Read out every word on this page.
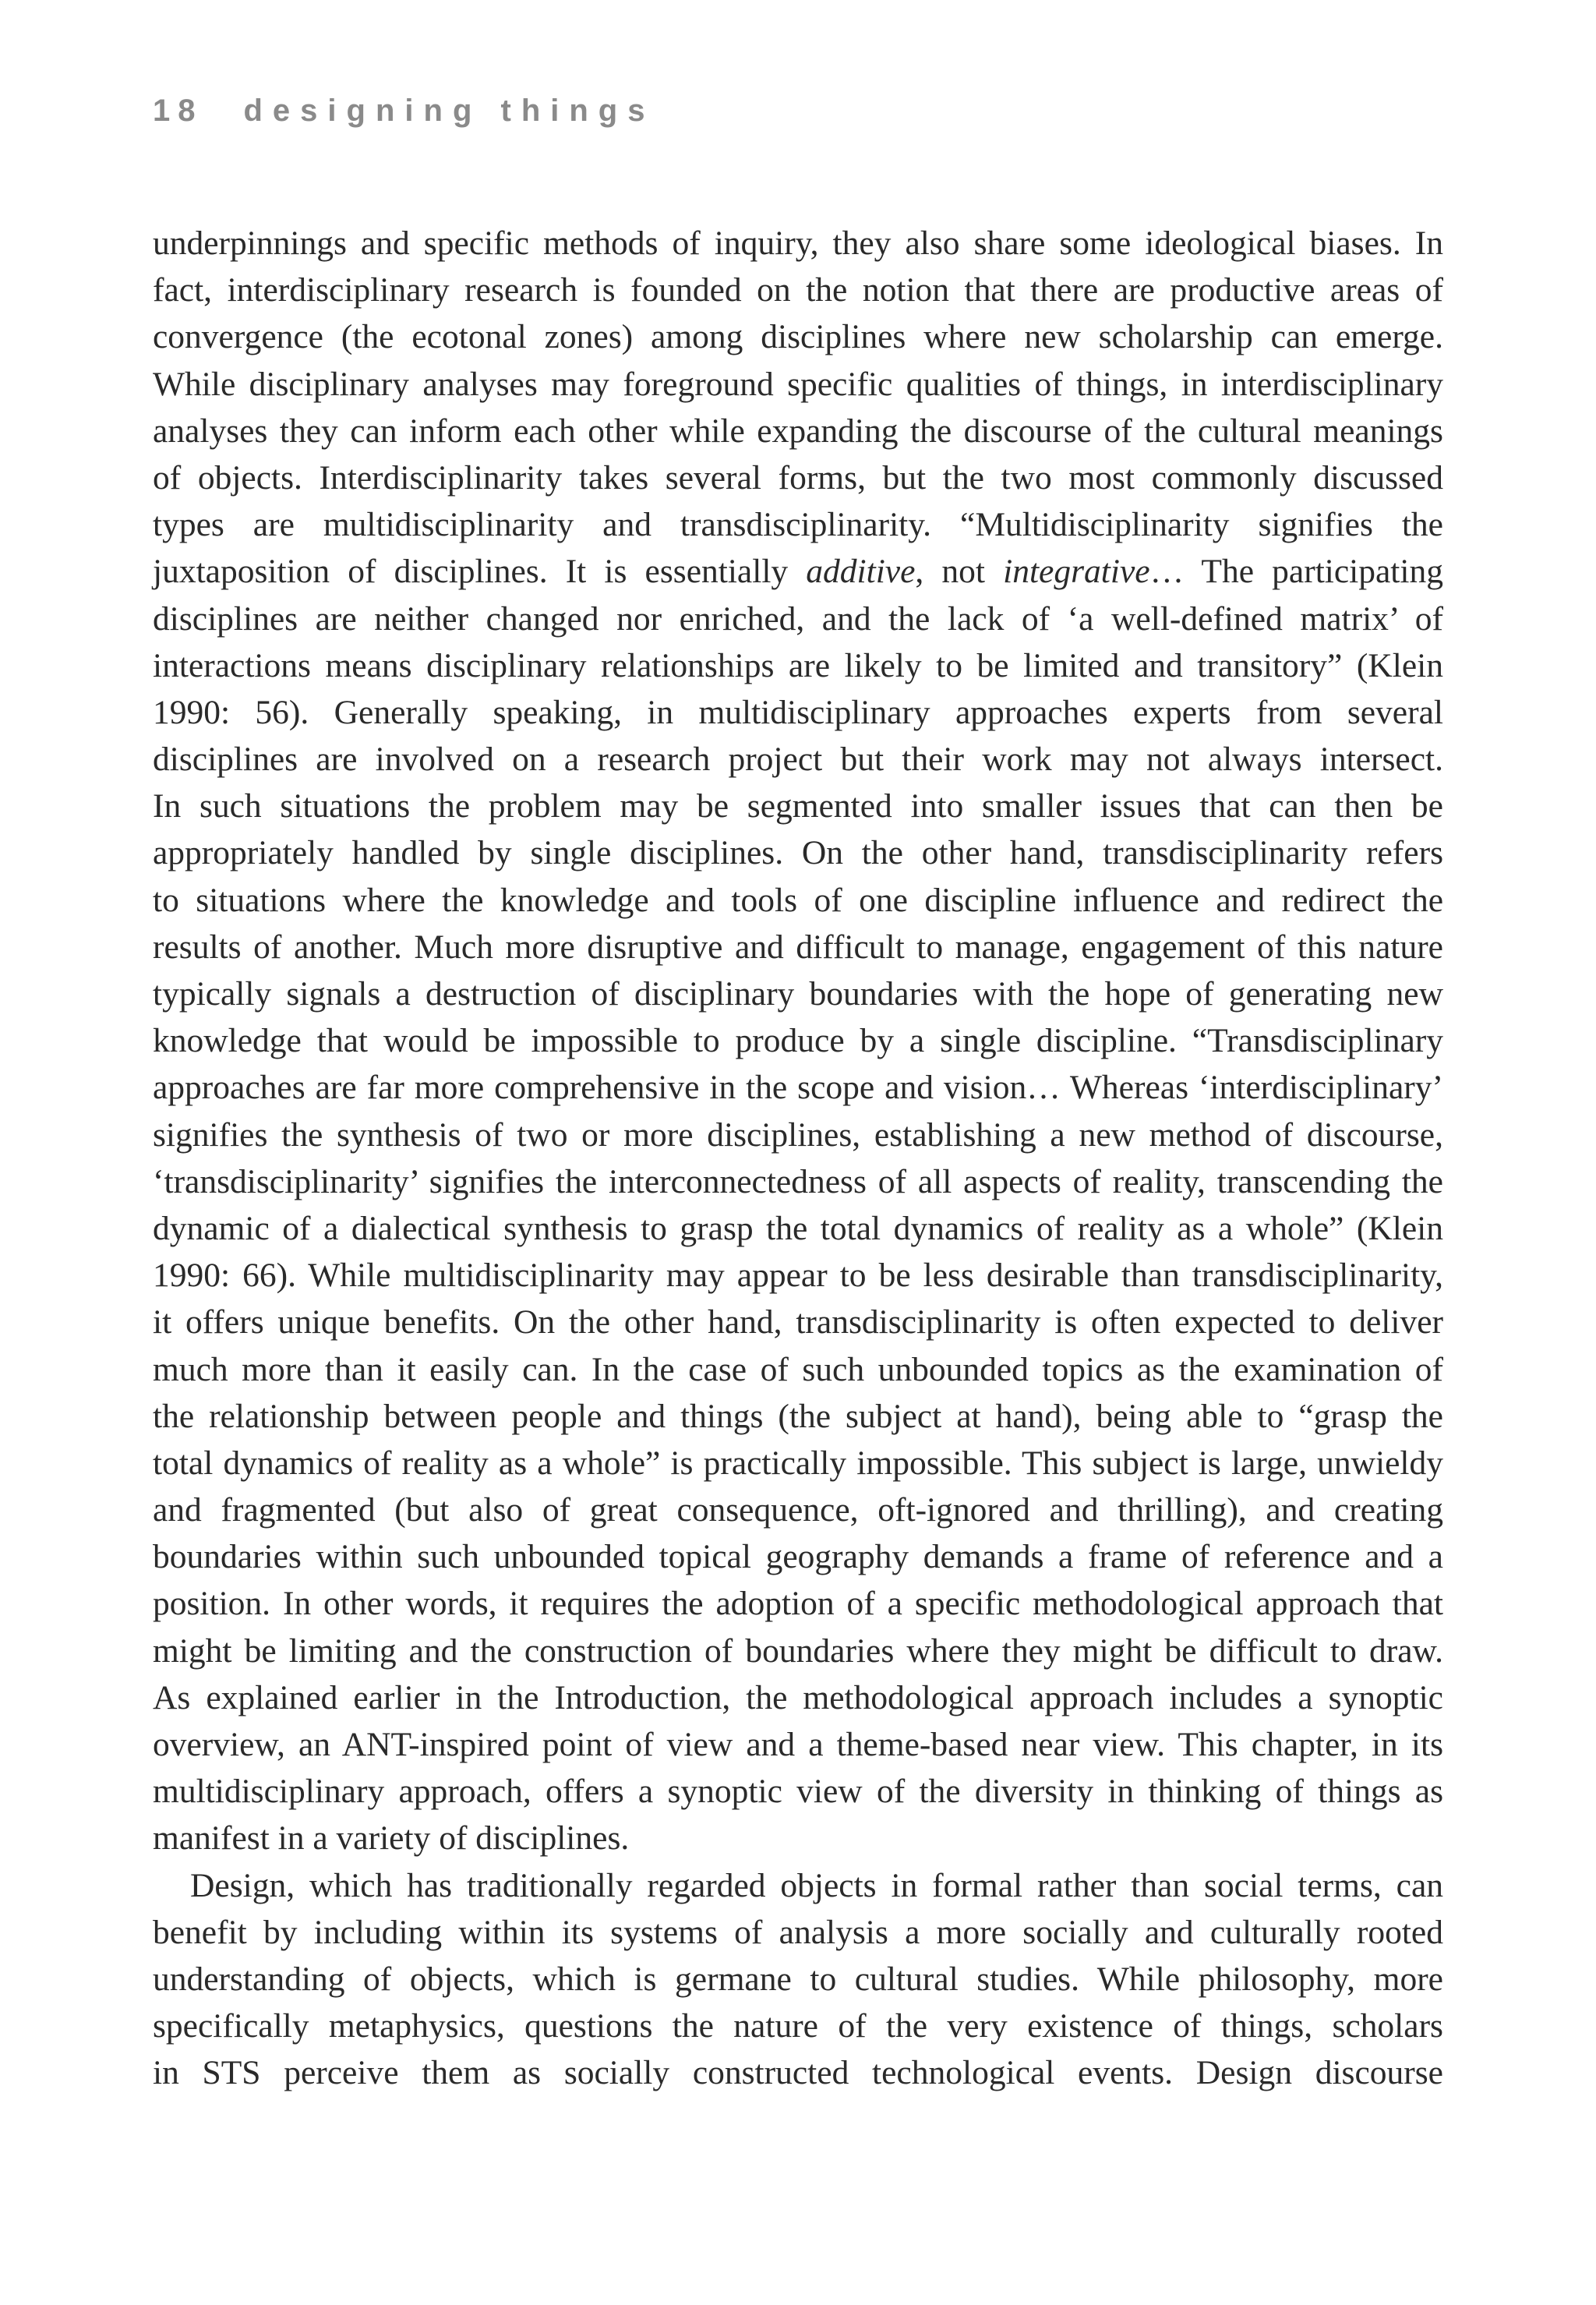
18 designing things
underpinnings and specific methods of inquiry, they also share some ideological biases. In
fact, interdisciplinary research is founded on the notion that there are productive areas of
convergence (the ecotonal zones) among disciplines where new scholarship can emerge.
While disciplinary analyses may foreground specific qualities of things, in interdisciplinary
analyses they can inform each other while expanding the discourse of the cultural meanings
of objects. Interdisciplinarity takes several forms, but the two most commonly discussed
types are multidisciplinarity and transdisciplinarity. “Multidisciplinarity signifies the
juxtaposition of disciplines. It is essentially additive, not integrative… The participating
disciplines are neither changed nor enriched, and the lack of ‘a well-defined matrix’ of
interactions means disciplinary relationships are likely to be limited and transitory” (Klein
1990: 56). Generally speaking, in multidisciplinary approaches experts from several
disciplines are involved on a research project but their work may not always intersect.
In such situations the problem may be segmented into smaller issues that can then be
appropriately handled by single disciplines. On the other hand, transdisciplinarity refers
to situations where the knowledge and tools of one discipline influence and redirect the
results of another. Much more disruptive and difficult to manage, engagement of this nature
typically signals a destruction of disciplinary boundaries with the hope of generating new
knowledge that would be impossible to produce by a single discipline. “Transdisciplinary
approaches are far more comprehensive in the scope and vision… Whereas ‘interdisciplinary’
signifies the synthesis of two or more disciplines, establishing a new method of discourse,
‘transdisciplinarity’ signifies the interconnectedness of all aspects of reality, transcending the
dynamic of a dialectical synthesis to grasp the total dynamics of reality as a whole” (Klein
1990: 66). While multidisciplinarity may appear to be less desirable than transdisciplinarity,
it offers unique benefits. On the other hand, transdisciplinarity is often expected to deliver
much more than it easily can. In the case of such unbounded topics as the examination of
the relationship between people and things (the subject at hand), being able to “grasp the
total dynamics of reality as a whole” is practically impossible. This subject is large, unwieldy
and fragmented (but also of great consequence, oft-ignored and thrilling), and creating
boundaries within such unbounded topical geography demands a frame of reference and a
position. In other words, it requires the adoption of a specific methodological approach that
might be limiting and the construction of boundaries where they might be difficult to draw.
As explained earlier in the Introduction, the methodological approach includes a synoptic
overview, an ANT-inspired point of view and a theme-based near view. This chapter, in its
multidisciplinary approach, offers a synoptic view of the diversity in thinking of things as
manifest in a variety of disciplines.
Design, which has traditionally regarded objects in formal rather than social terms, can
benefit by including within its systems of analysis a more socially and culturally rooted
understanding of objects, which is germane to cultural studies. While philosophy, more
specifically metaphysics, questions the nature of the very existence of things, scholars
in STS perceive them as socially constructed technological events. Design discourse
